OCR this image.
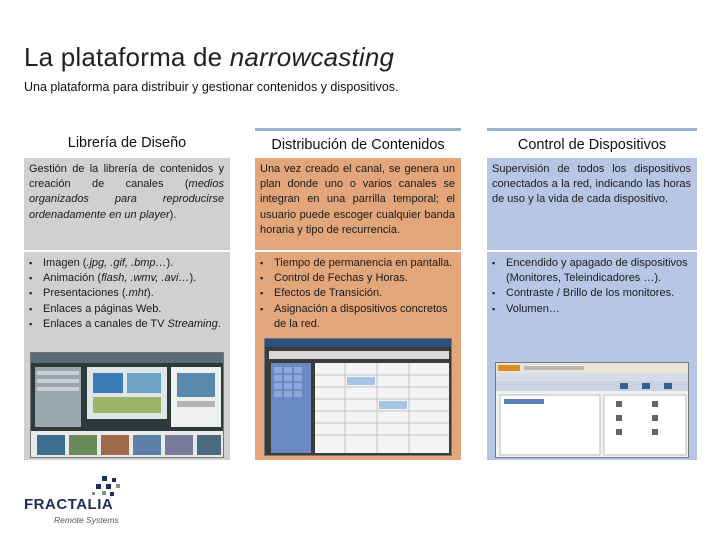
La plataforma de narrowcasting
Una plataforma para distribuir y gestionar contenidos y dispositivos.
Librería de Diseño
Gestión de la librería de contenidos y creación de canales (medios organizados para reproducirse ordenadamente en un player).
▪ Imagen (.jpg, .gif, .bmp…).
▪ Animación (flash, .wmv, .avi…).
▪ Presentaciones (.mht).
▪ Enlaces a páginas Web.
▪ Enlaces a canales de TV Streaming.
Distribución de Contenidos
Una vez creado el canal, se genera un plan donde uno o varios canales se integran en una parrilla temporal; el usuario puede escoger cualquier banda horaria y tipo de recurrencia.
▪ Tiempo de permanencia en pantalla.
▪ Control de Fechas y Horas.
▪ Efectos de Transición.
▪ Asignación a dispositivos concretos de la red.
Control de Dispositivos
Supervisión de todos los dispositivos conectados a la red, indicando las horas de uso y la vida de cada dispositivo.
▪ Encendido y apagado de dispositivos (Monitores, Teleindicadores …).
▪ Contraste / Brillo de los monitores.
▪ Volumen…
FRACTALIA
Remote Systems
